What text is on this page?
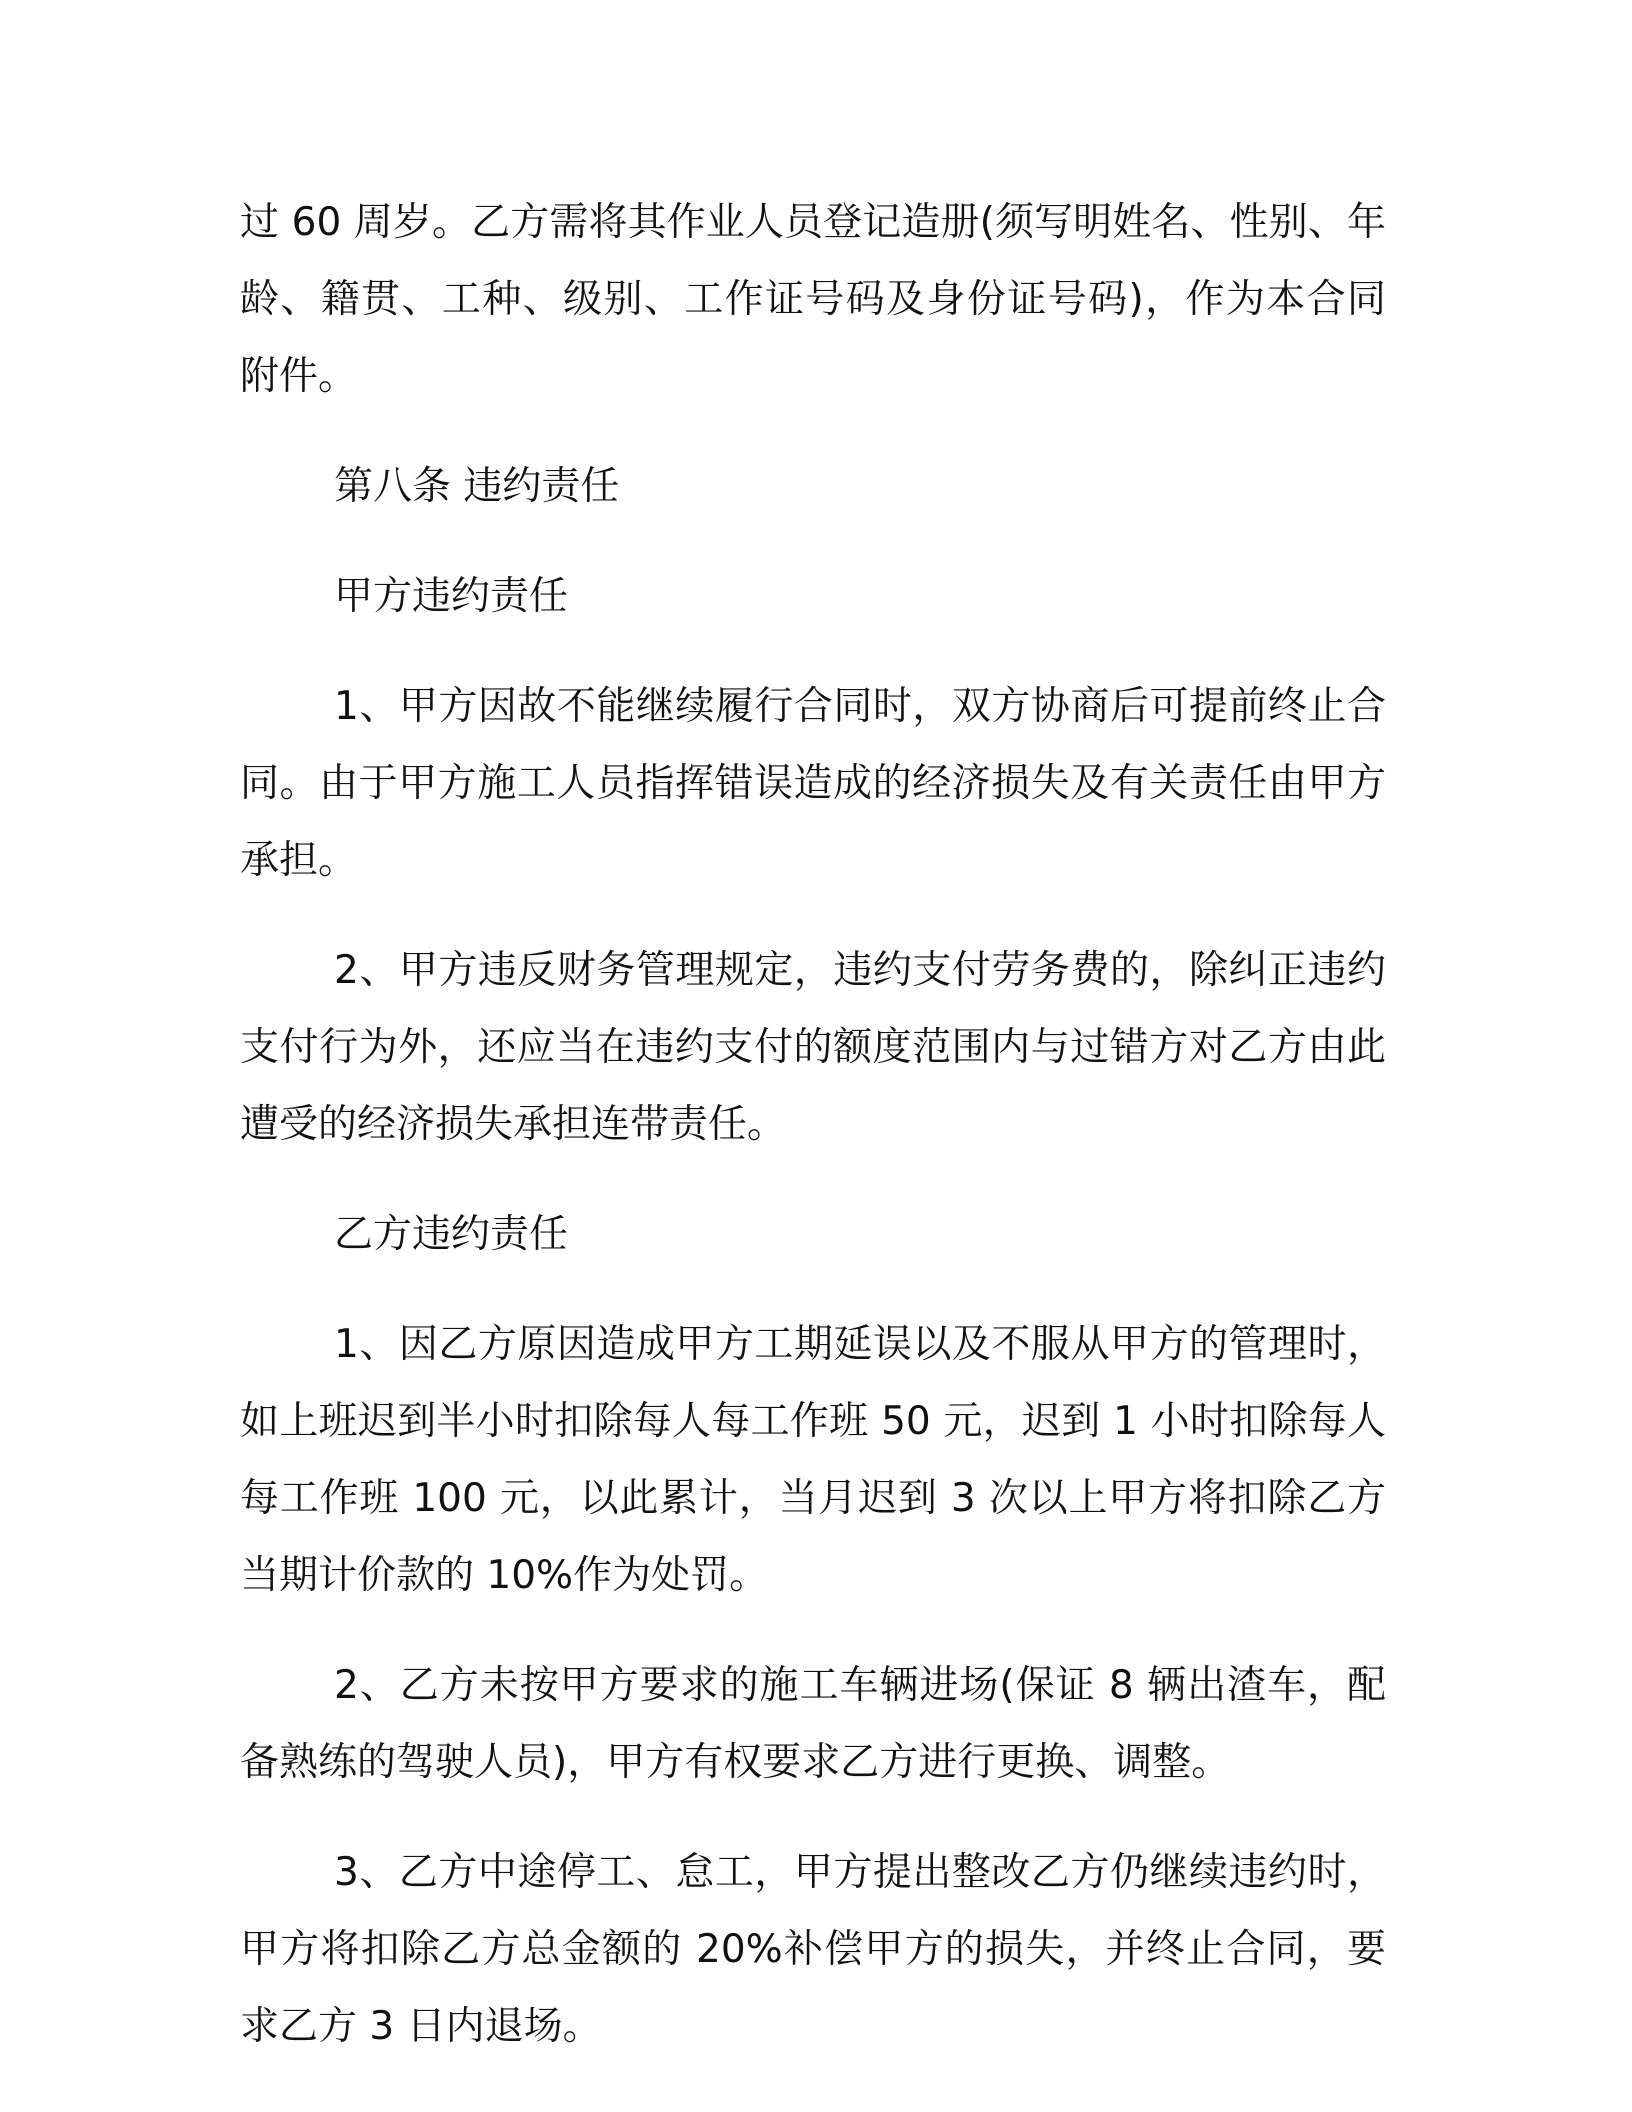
过 60 周岁。乙方需将其作业人员登记造册(须写明姓名、性别、年龄、籍贯、工种、级别、工作证号码及身份证号码)，作为本合同附件。

第八条 违约责任

甲方违约责任

1、甲方因故不能继续履行合同时，双方协商后可提前终止合同。由于甲方施工人员指挥错误造成的经济损失及有关责任由甲方承担。

2、甲方违反财务管理规定，违约支付劳务费的，除纠正违约支付行为外，还应当在违约支付的额度范围内与过错方对乙方由此遭受的经济损失承担连带责任。

乙方违约责任

1、因乙方原因造成甲方工期延误以及不服从甲方的管理时，如上班迟到半小时扣除每人每工作班 50 元，迟到 1 小时扣除每人每工作班 100 元，以此累计，当月迟到 3 次以上甲方将扣除乙方当期计价款的 10%作为处罚。

2、乙方未按甲方要求的施工车辆进场(保证 8 辆出渣车，配备熟练的驾驶人员)，甲方有权要求乙方进行更换、调整。

3、乙方中途停工、怠工，甲方提出整改乙方仍继续违约时，甲方将扣除乙方总金额的 20%补偿甲方的损失，并终止合同，要求乙方 3 日内退场。
